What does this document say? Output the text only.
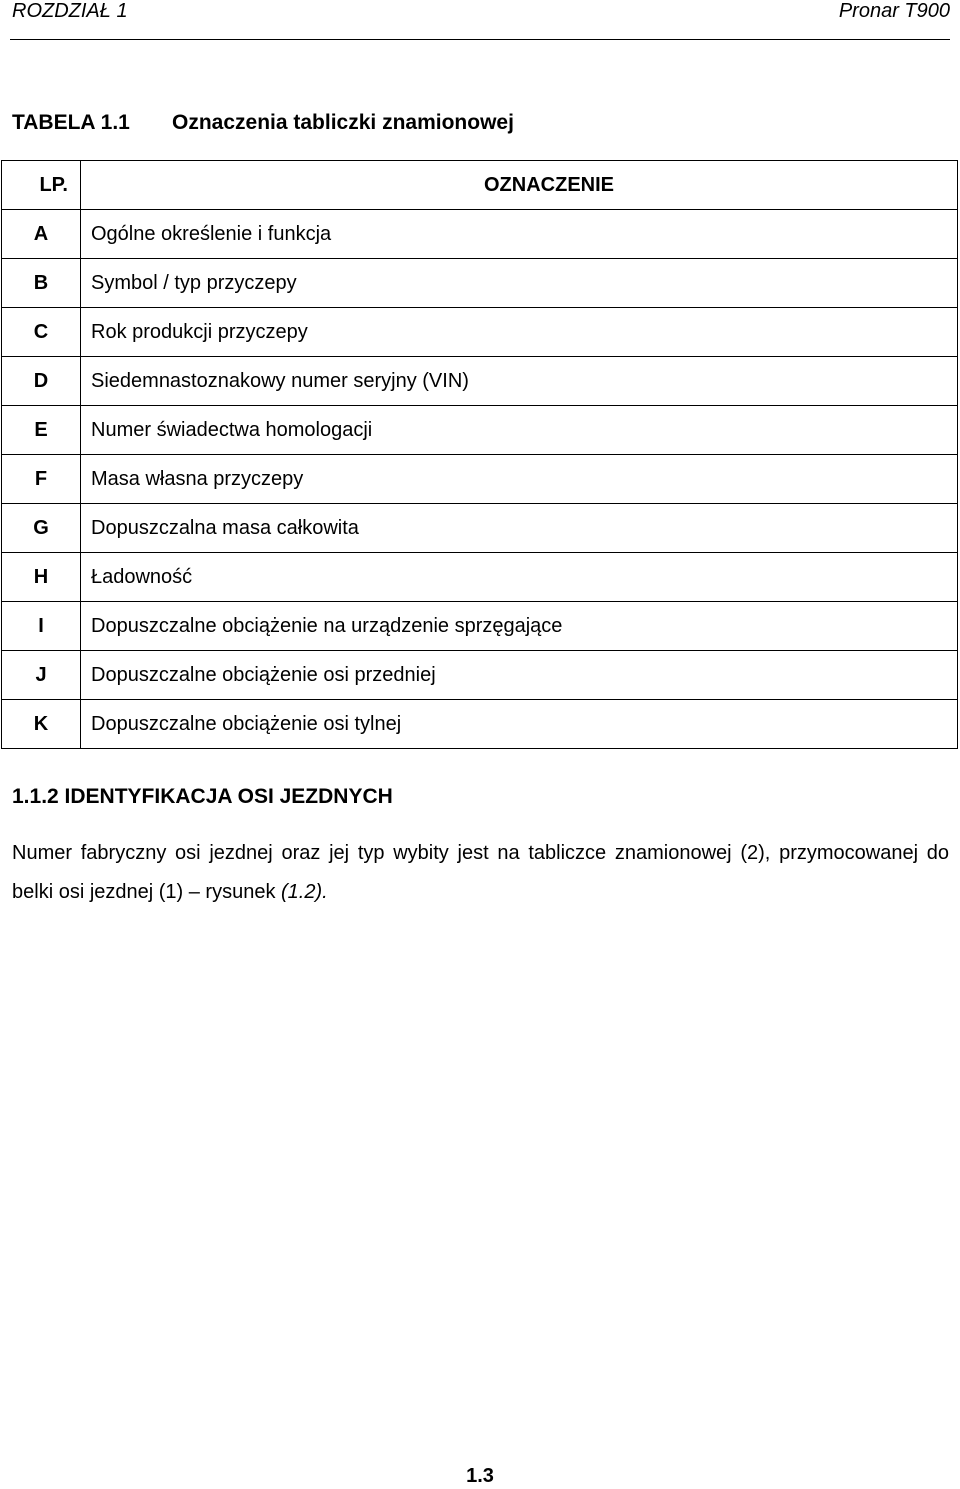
ROZDZIAŁ 1	Pronar T900
TABELA 1.1 Oznaczenia tabliczki znamionowej
LP.	OZNACZENIE
A	Ogólne określenie i funkcja
B	Symbol / typ przyczepy
C	Rok produkcji przyczepy
D	Siedemnastoznakowy numer seryjny (VIN)
E	Numer świadectwa homologacji
F	Masa własna przyczepy
G	Dopuszczalna masa całkowita
H	Ładowność
I	Dopuszczalne obciążenie na urządzenie sprzęgające
J	Dopuszczalne obciążenie osi przedniej
K	Dopuszczalne obciążenie osi tylnej
1.1.2 IDENTYFIKACJA OSI JEZDNYCH
Numer fabryczny osi jezdnej oraz jej typ wybity jest na tabliczce znamionowej (2), przymocowanej do belki osi jezdnej (1) – rysunek (1.2).
1.3
